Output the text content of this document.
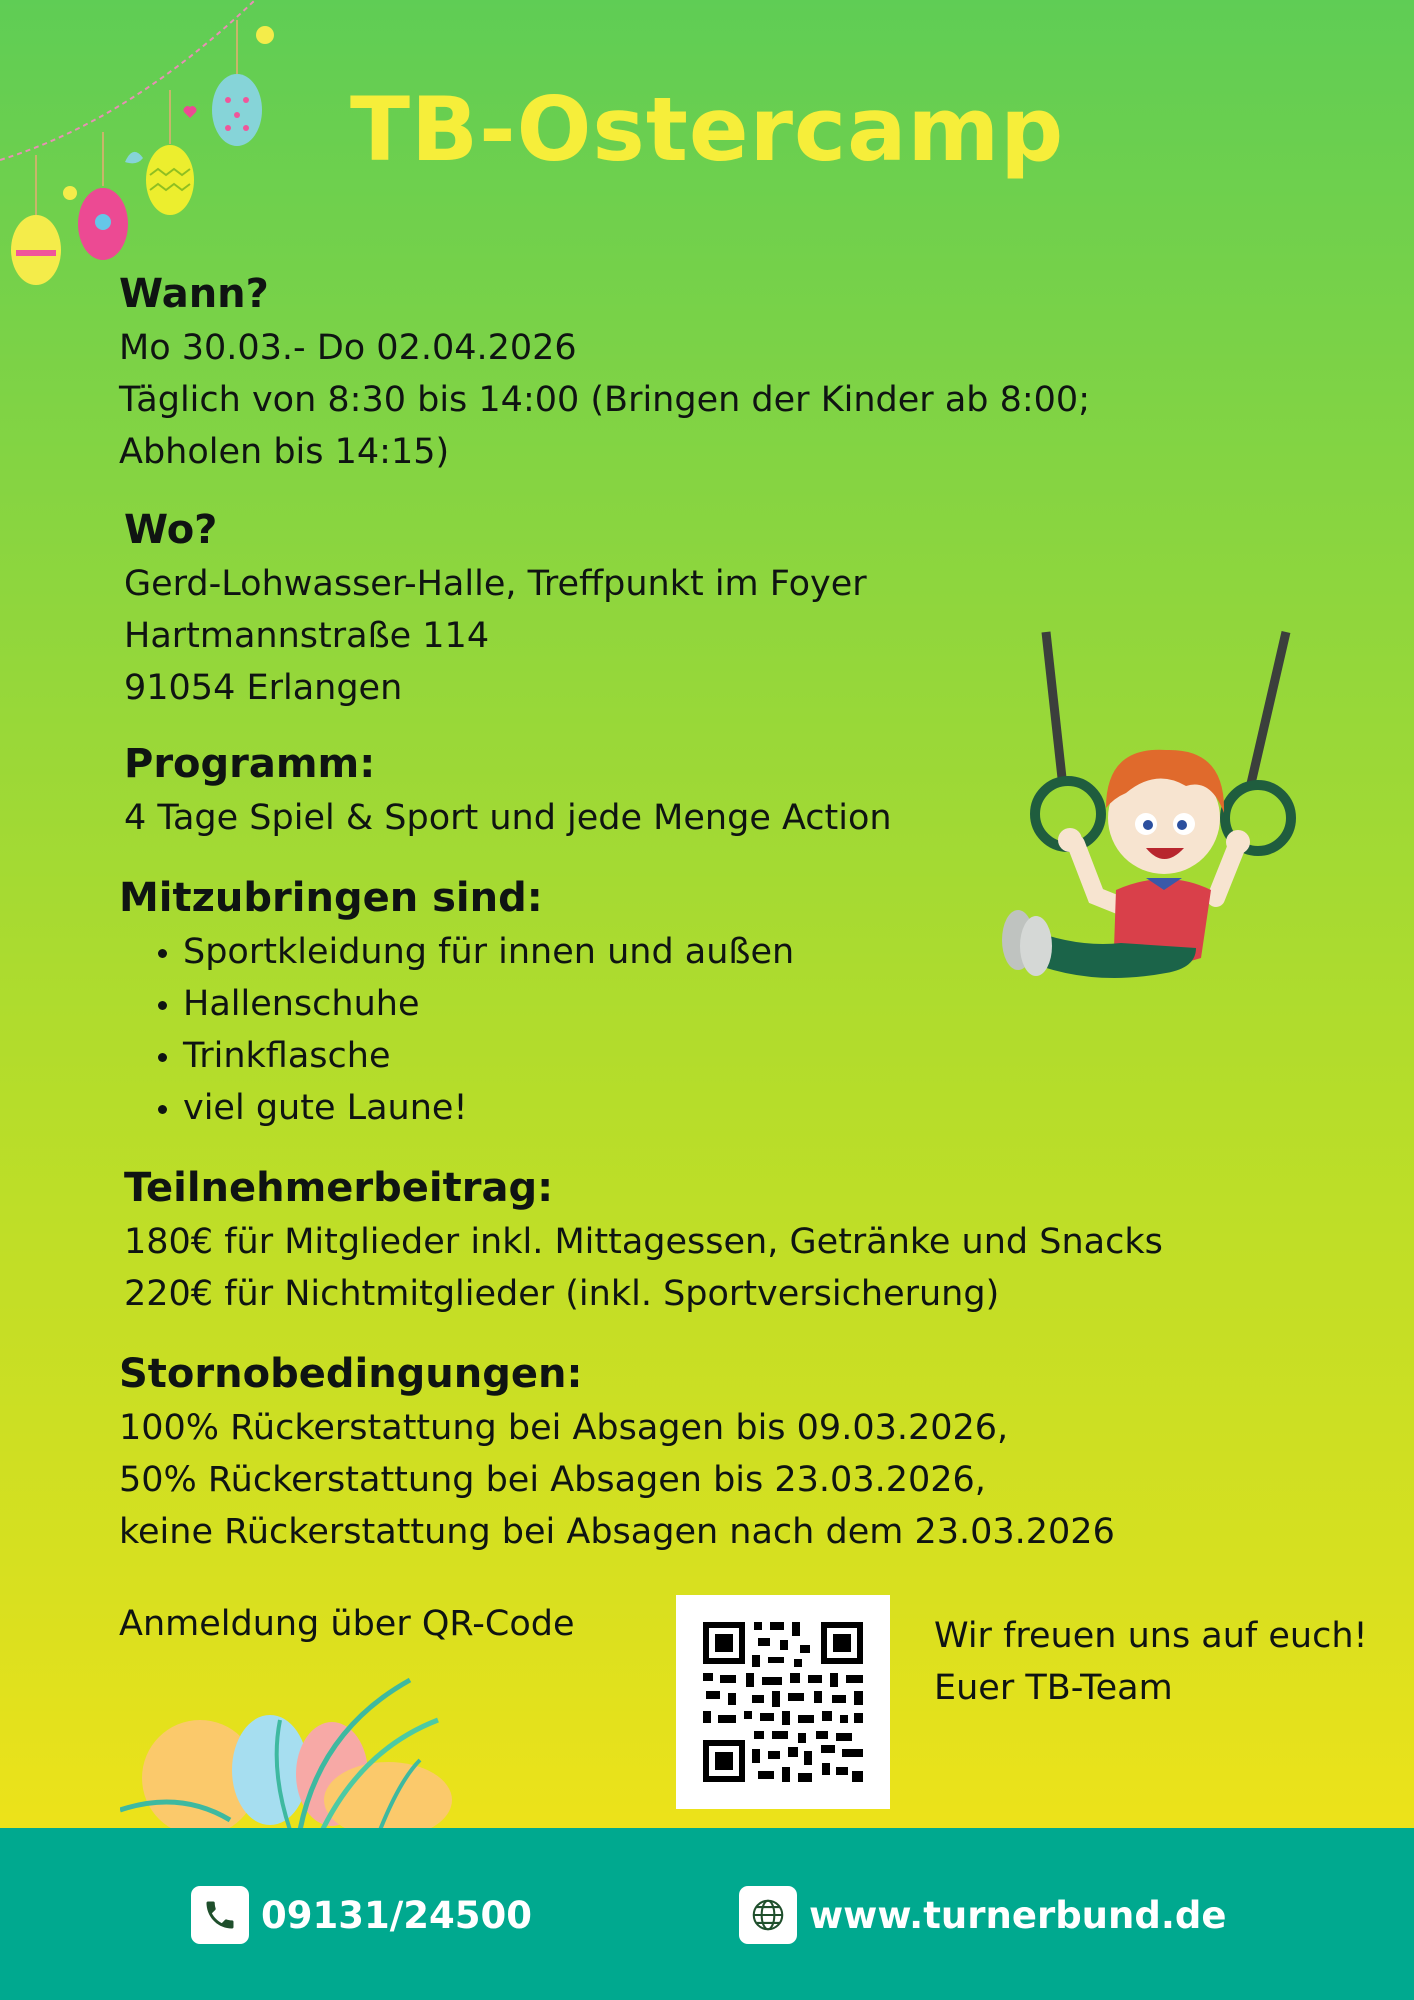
TB-Ostercamp
Wann?
Mo 30.03.- Do 02.04.2026
Täglich von 8:30 bis 14:00 (Bringen der Kinder ab 8:00;
Abholen bis 14:15)
Wo?
Gerd-Lohwasser-Halle, Treffpunkt im Foyer
Hartmannstraße 114
91054 Erlangen
Programm:
4 Tage Spiel & Sport und jede Menge Action
Mitzubringen sind:
• Sportkleidung für innen und außen
• Hallenschuhe
• Trinkflasche
• viel gute Laune!
Teilnehmerbeitrag:
180€ für Mitglieder inkl. Mittagessen, Getränke und Snacks
220€ für Nichtmitglieder (inkl. Sportversicherung)
Stornobedingungen:
100% Rückerstattung bei Absagen bis 09.03.2026,
50% Rückerstattung bei Absagen bis 23.03.2026,
keine Rückerstattung bei Absagen nach dem 23.03.2026
Anmeldung über QR-Code	Wir freuen uns auf euch!
Euer TB-Team
09131/24500	www.turnerbund.de
